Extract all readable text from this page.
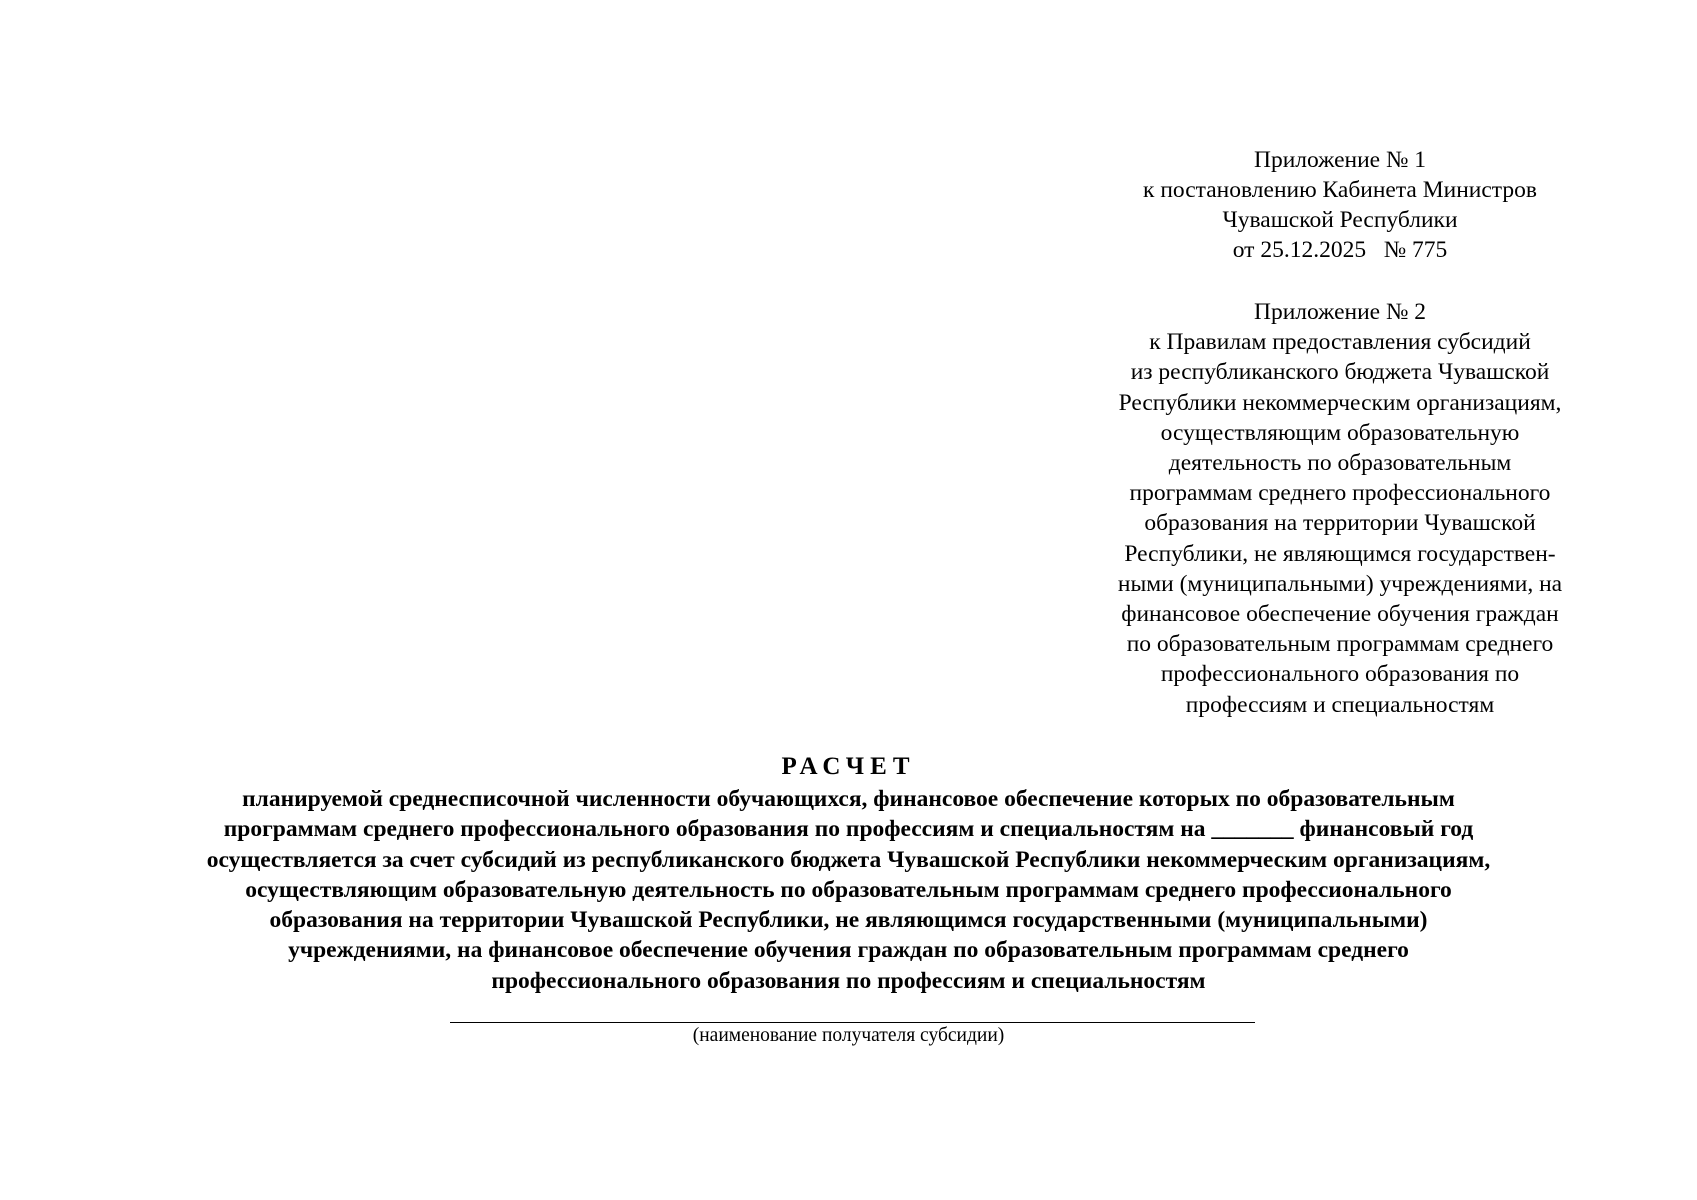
Приложение № 1
к постановлению Кабинета Министров
Чувашской Республики
от 25.12.2025   № 775
Приложение № 2
к Правилам предоставления субсидий
из республиканского бюджета Чувашской
Республики некоммерческим организациям,
осуществляющим образовательную
деятельность по образовательным
программам среднего профессионального
образования на территории Чувашской
Республики, не являющимся государствен-
ными (муниципальными) учреждениями, на
финансовое обеспечение обучения граждан
по образовательным программам среднего
профессионального образования по
профессиям и специальностям
РАСЧЕТ
планируемой среднесписочной численности обучающихся, финансовое обеспечение которых по образовательным
программам среднего профессионального образования по профессиям и специальностям на _______ финансовый год
осуществляется за счет субсидий из республиканского бюджета Чувашской Республики некоммерческим организациям,
осуществляющим образовательную деятельность по образовательным программам среднего профессионального
образования на территории Чувашской Республики, не являющимся государственными (муниципальными)
учреждениями, на финансовое обеспечение обучения граждан по образовательным программам среднего
профессионального образования по профессиям и специальностям
(наименование получателя субсидии)
